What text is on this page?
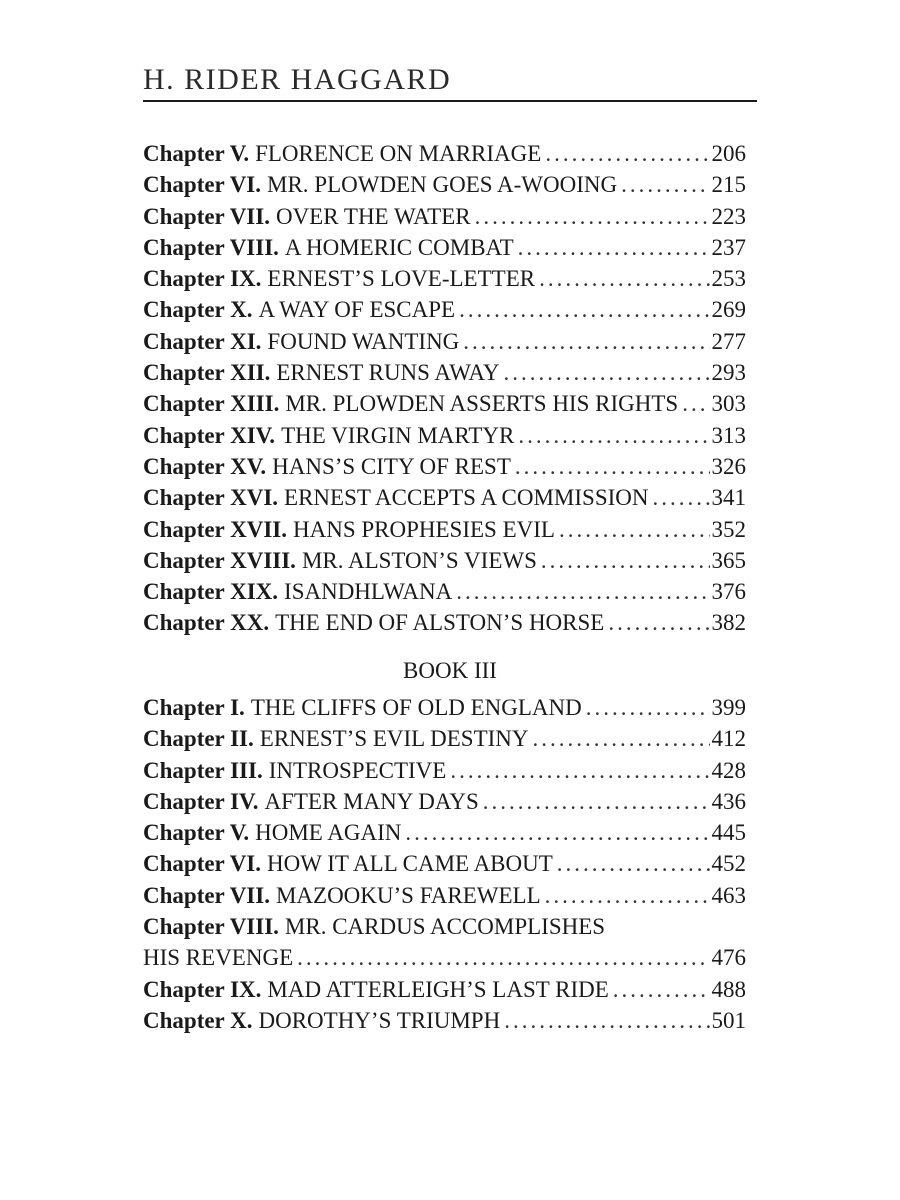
H. RIDER HAGGARD
Chapter V. FLORENCE ON MARRIAGE .....	206
Chapter VI. MR. PLOWDEN GOES A-WOOING .....	215
Chapter VII. OVER THE WATER .....	223
Chapter VIII. A HOMERIC COMBAT .....	237
Chapter IX. ERNEST’S LOVE-LETTER .....	253
Chapter X. A WAY OF ESCAPE .....	269
Chapter XI. FOUND WANTING .....	277
Chapter XII. ERNEST RUNS AWAY .....	293
Chapter XIII. MR. PLOWDEN ASSERTS HIS RIGHTS ..... 303
Chapter XIV. THE VIRGIN MARTYR .....	313
Chapter XV. HANS’S CITY OF REST .....	326
Chapter XVI. ERNEST ACCEPTS A COMMISSION .....	341
Chapter XVII. HANS PROPHESIES EVIL .....	352
Chapter XVIII. MR. ALSTON’S VIEWS .....	365
Chapter XIX. ISANDHLWANA .....	376
Chapter XX. THE END OF ALSTON’S HORSE .....	382
BOOK III
Chapter I. THE CLIFFS OF OLD ENGLAND .....	399
Chapter II. ERNEST’S EVIL DESTINY .....	412
Chapter III. INTROSPECTIVE .....	428
Chapter IV. AFTER MANY DAYS .....	436
Chapter V. HOME AGAIN .....	445
Chapter VI. HOW IT ALL CAME ABOUT .....	452
Chapter VII. MAZOOKU’S FAREWELL .....	463
Chapter VIII. MR. CARDUS ACCOMPLISHES
HIS REVENGE .....	476
Chapter IX. MAD ATTERLEIGH’S LAST RIDE .....	488
Chapter X. DOROTHY’S TRIUMPH .....	501
